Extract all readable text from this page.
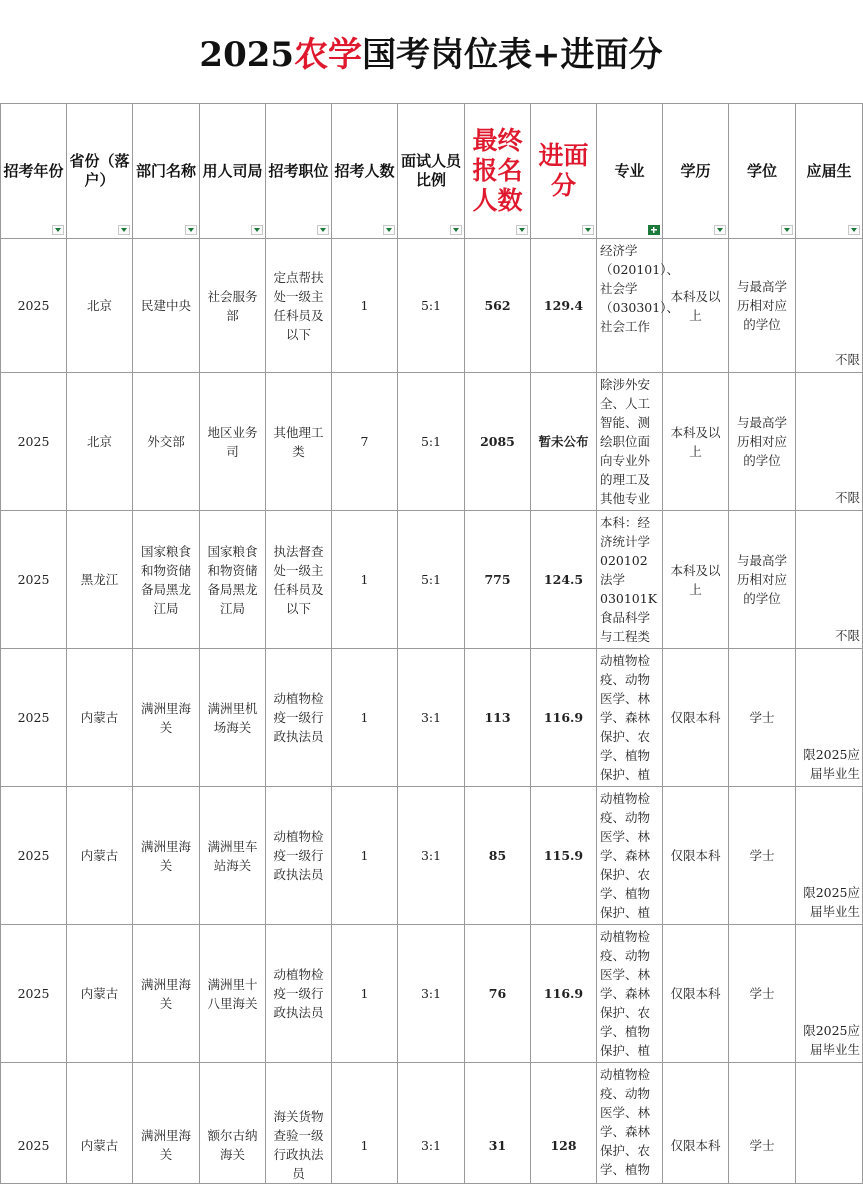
2025农学国考岗位表+进面分
招考年份	省份（落户）	部门名称	用人司局	招考职位	招考人数	面试人员比例	最终报名人数	进面分	专业	学历	学位	应届生

2025	北京	民建中央	社会服务部	定点帮扶处一级主任科员及以下	1	5:1	562	129.4	经济学（020101）、社会学（030301）、社会工作	本科及以上	与最高学历相对应的学位	不限
2025	北京	外交部	地区业务司	其他理工类	7	5:1	2085	暂未公布	除涉外安全、人工智能、测绘职位面向专业外的理工及其他专业	本科及以上	与最高学历相对应的学位	不限
2025	黑龙江	国家粮食和物资储备局黑龙江局	国家粮食和物资储备局黑龙江局	执法督查处一级主任科员及以下	1	5:1	775	124.5	本科：经济统计学020102法学030101K食品科学与工程类	本科及以上	与最高学历相对应的学位	不限
2025	内蒙古	满洲里海关	满洲里机场海关	动植物检疫一级行政执法员	1	3:1	113	116.9	动植物检疫、动物医学、林学、森林保护、农学、植物保护、植	仅限本科	学士	限2025应届毕业生
2025	内蒙古	满洲里海关	满洲里车站海关	动植物检疫一级行政执法员	1	3:1	85	115.9	动植物检疫、动物医学、林学、森林保护、农学、植物保护、植	仅限本科	学士	限2025应届毕业生
2025	内蒙古	满洲里海关	满洲里十八里海关	动植物检疫一级行政执法员	1	3:1	76	116.9	动植物检疫、动物医学、林学、森林保护、农学、植物保护、植	仅限本科	学士	限2025应届毕业生
2025	内蒙古	满洲里海关	额尔古纳海关	海关货物查验一级行政执法员	1	3:1	31	128	动植物检疫、动物医学、林学、森林保护、农学、植物	仅限本科	学士	
